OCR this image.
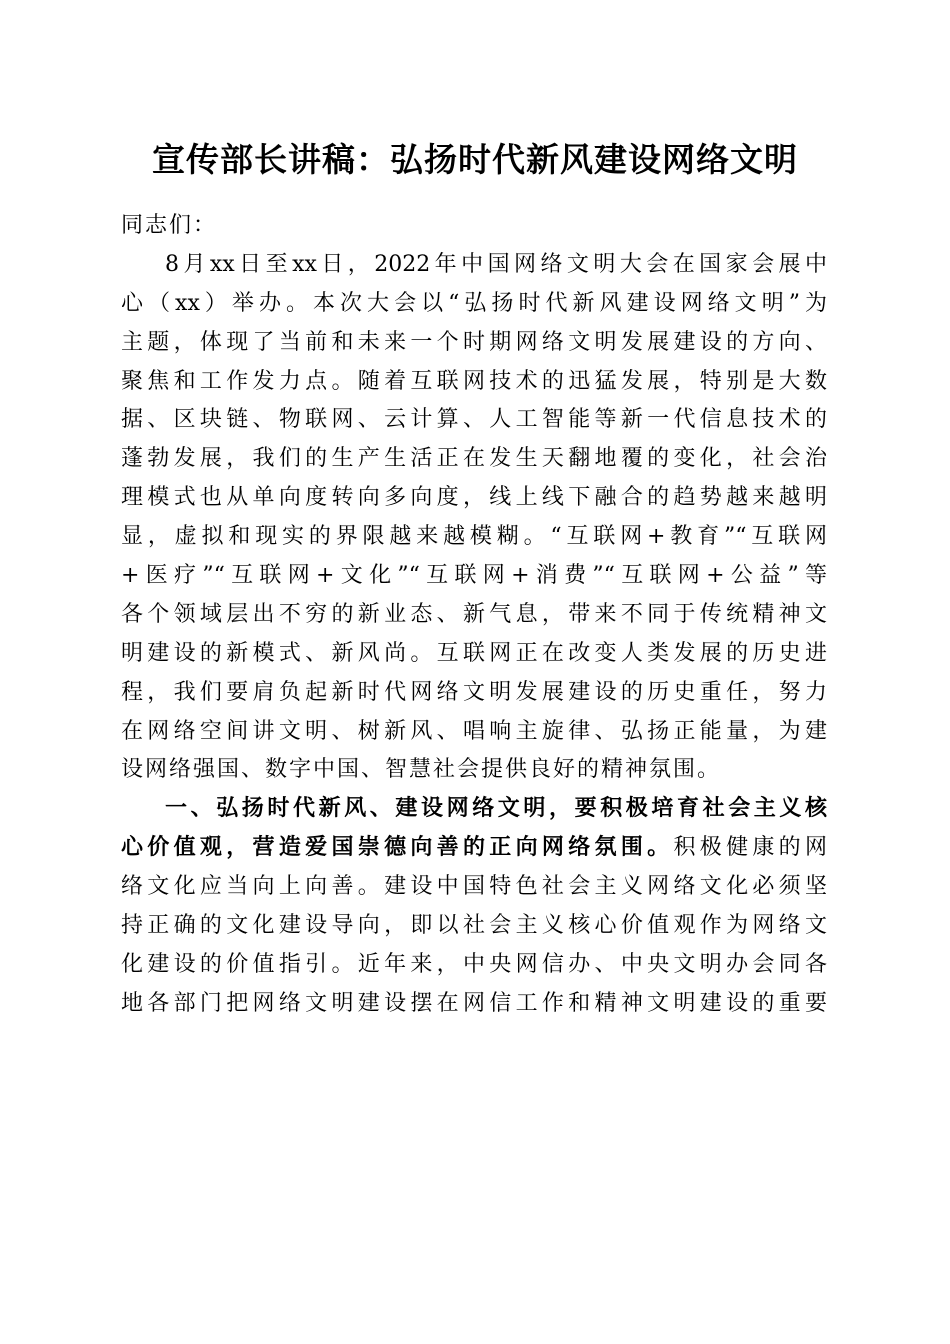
宣传部长讲稿：弘扬时代新风建设网络文明
同志们：
8月xx日至xx日，2022年中国网络文明大会在国家会展中
心（xx）举办。本次大会以“弘扬时代新风建设网络文明”为
主题，体现了当前和未来一个时期网络文明发展建设的方向、
聚焦和工作发力点。随着互联网技术的迅猛发展，特别是大数
据、区块链、物联网、云计算、人工智能等新一代信息技术的
蓬勃发展，我们的生产生活正在发生天翻地覆的变化，社会治
理模式也从单向度转向多向度，线上线下融合的趋势越来越明
显，虚拟和现实的界限越来越模糊。“互联网+教育”“互联网
+医疗”“互联网+文化”“互联网+消费”“互联网+公益”等
各个领域层出不穷的新业态、新气息，带来不同于传统精神文
明建设的新模式、新风尚。互联网正在改变人类发展的历史进
程，我们要肩负起新时代网络文明发展建设的历史重任，努力
在网络空间讲文明、树新风、唱响主旋律、弘扬正能量，为建
设网络强国、数字中国、智慧社会提供良好的精神氛围。
一、弘扬时代新风、建设网络文明，要积极培育社会主义核
心价值观，营造爱国崇德向善的正向网络氛围。积极健康的网
络文化应当向上向善。建设中国特色社会主义网络文化必须坚
持正确的文化建设导向，即以社会主义核心价值观作为网络文
化建设的价值指引。近年来，中央网信办、中央文明办会同各
地各部门把网络文明建设摆在网信工作和精神文明建设的重要
